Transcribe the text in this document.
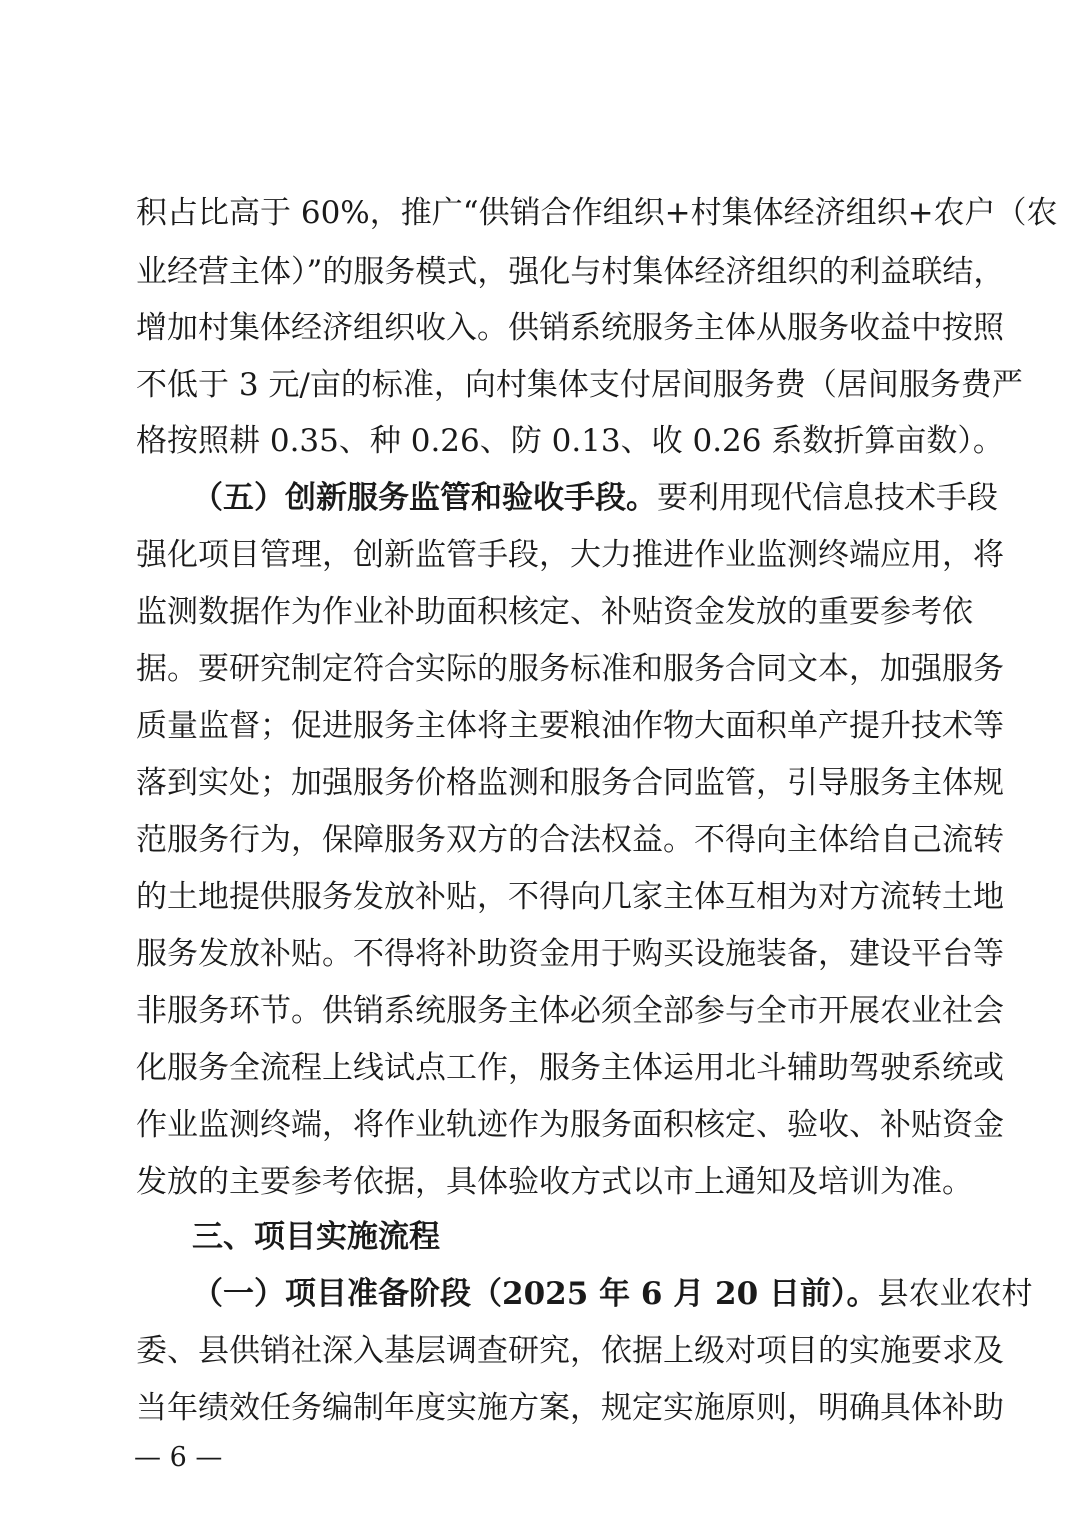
积占比高于 60%，推广“供销合作组织+村集体经济组织+农户（农
业经营主体）”的服务模式，强化与村集体经济组织的利益联结，
增加村集体经济组织收入。供销系统服务主体从服务收益中按照
不低于 3 元/亩的标准，向村集体支付居间服务费（居间服务费严
格按照耕 0.35、种 0.26、防 0.13、收 0.26 系数折算亩数）。
（五）创新服务监管和验收手段。要利用现代信息技术手段
强化项目管理，创新监管手段，大力推进作业监测终端应用，将
监测数据作为作业补助面积核定、补贴资金发放的重要参考依
据。要研究制定符合实际的服务标准和服务合同文本，加强服务
质量监督；促进服务主体将主要粮油作物大面积单产提升技术等
落到实处；加强服务价格监测和服务合同监管，引导服务主体规
范服务行为，保障服务双方的合法权益。不得向主体给自己流转
的土地提供服务发放补贴，不得向几家主体互相为对方流转土地
服务发放补贴。不得将补助资金用于购买设施装备，建设平台等
非服务环节。供销系统服务主体必须全部参与全市开展农业社会
化服务全流程上线试点工作，服务主体运用北斗辅助驾驶系统或
作业监测终端，将作业轨迹作为服务面积核定、验收、补贴资金
发放的主要参考依据，具体验收方式以市上通知及培训为准。
三、项目实施流程
（一）项目准备阶段（2025 年 6 月 20 日前）。县农业农村
委、县供销社深入基层调查研究，依据上级对项目的实施要求及
当年绩效任务编制年度实施方案，规定实施原则，明确具体补助
— 6 —
